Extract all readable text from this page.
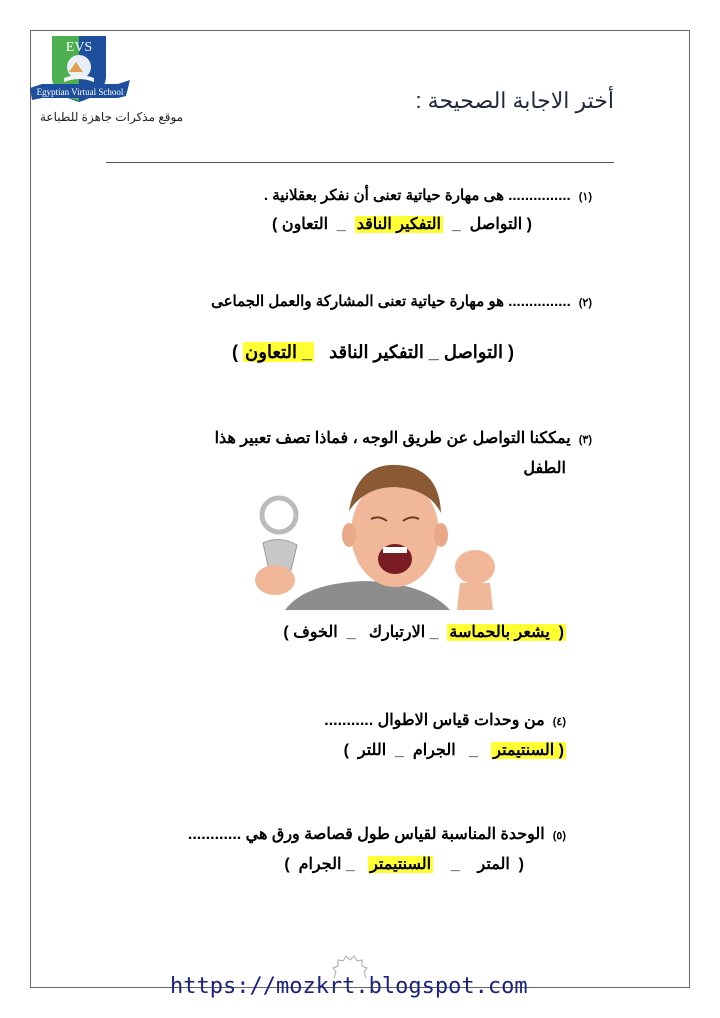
EVS
Egyptian Virtual School
موقع مذكرات جاهزة للطباعة
أختر الاجابة الصحيحة :
(١)............... هى مهارة حياتية تعنى أن نفكر بعقلانية .
( التواصل  _  التفكير الناقد  _  التعاون )
(٢)............... هو مهارة حياتية تعنى المشاركة والعمل الجماعى
( التواصل _ التفكير الناقد   _ التعاون )
(٣)يمككنا التواصل عن طريق الوجه ، فماذا تصف تعبير هذا
الطفل
(  يشعر بالحماسة  _ الارتبارك   _  الخوف )
(٤)من وحدات قياس الاطوال ...........
( السنتيمتر   _   الجرام  _  اللتر  )
(٥)الوحدة المناسبة لقياس طول قصاصة ورق هي ............
(  المتر    _    السنتيمتر   _ الجرام  )
https://mozkrt.blogspot.com
